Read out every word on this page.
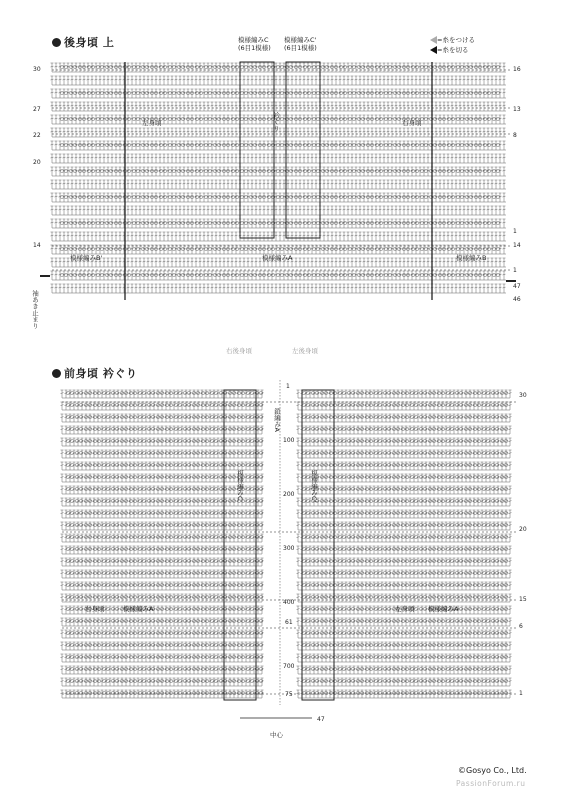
後身頃 上	模様編みC
(6目1模様)
模様編みC'
(6目1模様)
=糸をつける
=糸を切る
左身頃	右身頃
衿ぐり
模様編みB'	模様編みA	模様編みB
袖あき止まり
30
27
22
20
14
16
13
8
1
14
1
47
46
前身頃 衿ぐり
右後身頃	左後身頃
鎖編みA
模様編みC	模様編みC'
右身頃	模様編みA	左身頃 模様編みA
中心
1
100
200
300
400
61
700
75
30
20
15
6
1
47
©Gosyo Co., Ltd.
PassionForum.ru
